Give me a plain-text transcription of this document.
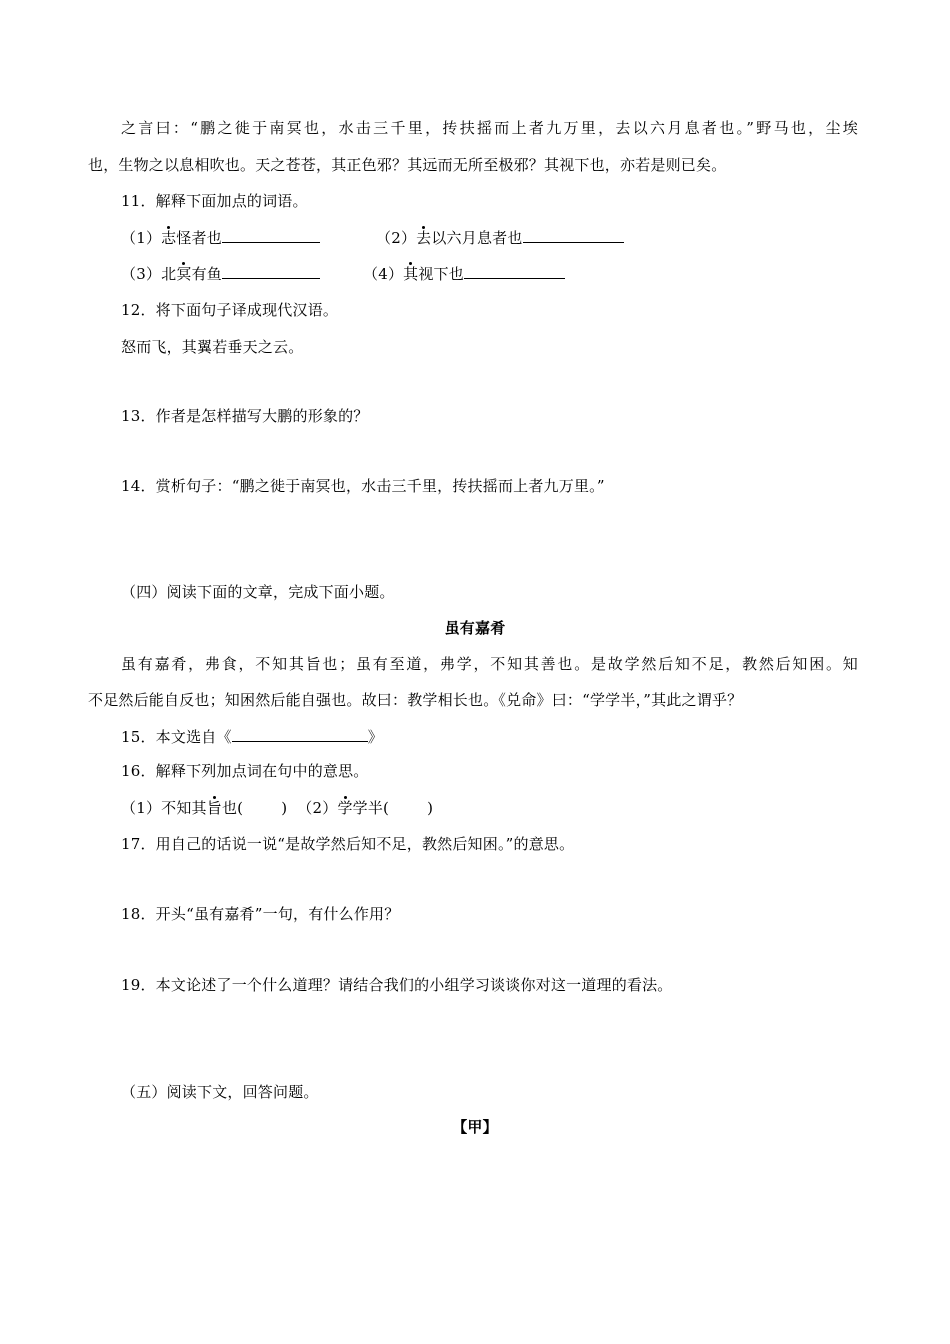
之言曰：“鹏之徙于南冥也，水击三千里，抟扶摇而上者九万里，去以六月息者也。”野马也，尘埃
也，生物之以息相吹也。天之苍苍，其正色邪？其远而无所至极邪？其视下也，亦若是则已矣。
11．解释下面加点的词语。
（1）志怪者也	（2）去以六月息者也
（3）北冥有鱼	（4）其视下也
12．将下面句子译成现代汉语。
怒而飞，其翼若垂天之云。
13．作者是怎样描写大鹏的形象的？
14．赏析句子：“鹏之徙于南冥也，水击三千里，抟扶摇而上者九万里。”
（四）阅读下面的文章，完成下面小题。
虽有嘉肴
虽有嘉肴，弗食，不知其旨也；虽有至道，弗学，不知其善也。是故学然后知不足，教然后知困。知
不足然后能自反也；知困然后能自强也。故曰：教学相长也。《兑命》曰：“学学半，”其此之谓乎？
15．本文选自《	》
16．解释下列加点词在句中的意思。
（1）不知其旨也(	) （2）学学半(	)
17．用自己的话说一说“是故学然后知不足，教然后知困。”的意思。
18．开头“虽有嘉肴”一句，有什么作用？
19．本文论述了一个什么道理？请结合我们的小组学习谈谈你对这一道理的看法。
（五）阅读下文，回答问题。
【甲】
